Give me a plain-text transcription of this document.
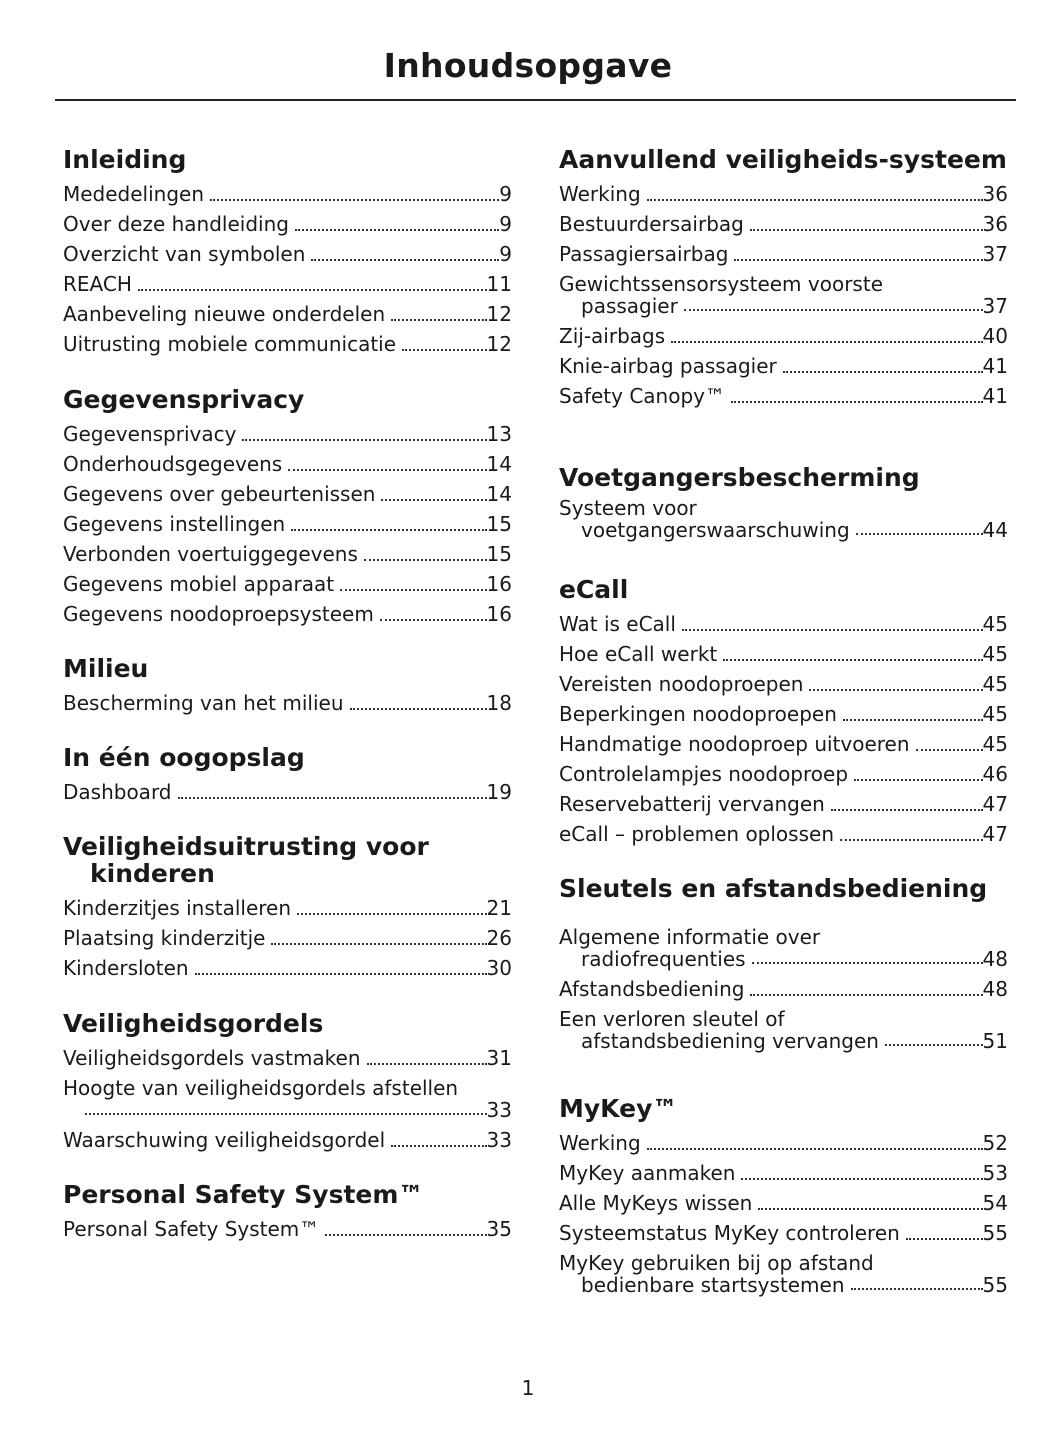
Inhoudsopgave
Inleiding
Mededelingen	9
Over deze handleiding	9
Overzicht van symbolen	9
REACH	11
Aanbeveling nieuwe onderdelen	12
Uitrusting mobiele communicatie	12
Gegevensprivacy
Gegevensprivacy	13
Onderhoudsgegevens	14
Gegevens over gebeurtenissen	14
Gegevens instellingen	15
Verbonden voertuiggegevens	15
Gegevens mobiel apparaat	16
Gegevens noodoproepsysteem	16
Milieu
Bescherming van het milieu	18
In één oogopslag
Dashboard	19
Veiligheidsuitrusting voor kinderen
Kinderzitjes installeren	21
Plaatsing kinderzitje	26
Kindersloten	30
Veiligheidsgordels
Veiligheidsgordels vastmaken	31
Hoogte van veiligheidsgordels afstellen
33
Waarschuwing veiligheidsgordel	33
Personal Safety System™
Personal Safety System™	35
Aanvullend veiligheids-systeem
Werking	36
Bestuurdersairbag	36
Passagiersairbag	37
Gewichtssensorsysteem voorste
passagier	37
Zij-airbags	40
Knie-airbag passagier	41
Safety Canopy™	41
Voetgangersbescherming
Systeem voor
voetgangerswaarschuwing	44
eCall
Wat is eCall	45
Hoe eCall werkt	45
Vereisten noodoproepen	45
Beperkingen noodoproepen	45
Handmatige noodoproep uitvoeren	45
Controlelampjes noodoproep	46
Reservebatterij vervangen	47
eCall – problemen oplossen	47
Sleutels en afstandsbediening
Algemene informatie over
radiofrequenties	48
Afstandsbediening	48
Een verloren sleutel of
afstandsbediening vervangen	51
MyKey™
Werking	52
MyKey aanmaken	53
Alle MyKeys wissen	54
Systeemstatus MyKey controleren	55
MyKey gebruiken bij op afstand
bedienbare startsystemen	55
1
